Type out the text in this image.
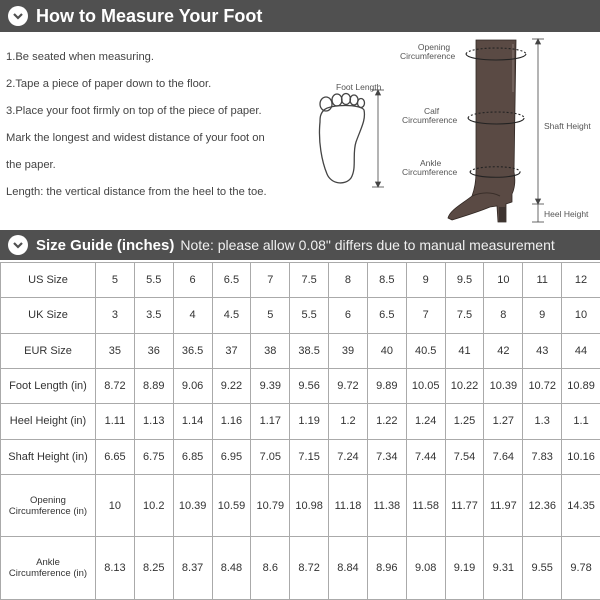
How to Measure Your Foot
1.Be seated when measuring.
2.Tape a piece of paper down to the floor.
3.Place your foot firmly on top of the piece of paper.
Mark the longest and widest distance of your foot on
the paper.
Length: the vertical distance from the heel to the toe.
Foot Length
Opening
Circumference
Calf
Circumference
Ankle
Circumference
Shaft Height
Heel Height
Size Guide (inches) Note: please allow 0.08" differs due to manual measurement
US Size	5	5.5	6	6.5	7	7.5	8	8.5	9	9.5	10	11	12

UK Size	3	3.5	4	4.5	5	5.5	6	6.5	7	7.5	8	9	10

EUR Size	35	36	36.5	37	38	38.5	39	40	40.5	41	42	43	44

Foot Length (in)	8.72	8.89	9.06	9.22	9.39	9.56	9.72	9.89	10.05	10.22	10.39	10.72	10.89

Heel Height (in)	1.11	1.13	1.14	1.16	1.17	1.19	1.2	1.22	1.24	1.25	1.27	1.3	1.1

Shaft Height (in)	6.65	6.75	6.85	6.95	7.05	7.15	7.24	7.34	7.44	7.54	7.64	7.83	10.16

Opening
Circumference (in)	10	10.2	10.39	10.59	10.79	10.98	11.18	11.38	11.58	11.77	11.97	12.36	14.35

Ankle
Circumference (in)	8.13	8.25	8.37	8.48	8.6	8.72	8.84	8.96	9.08	9.19	9.31	9.55	9.78
